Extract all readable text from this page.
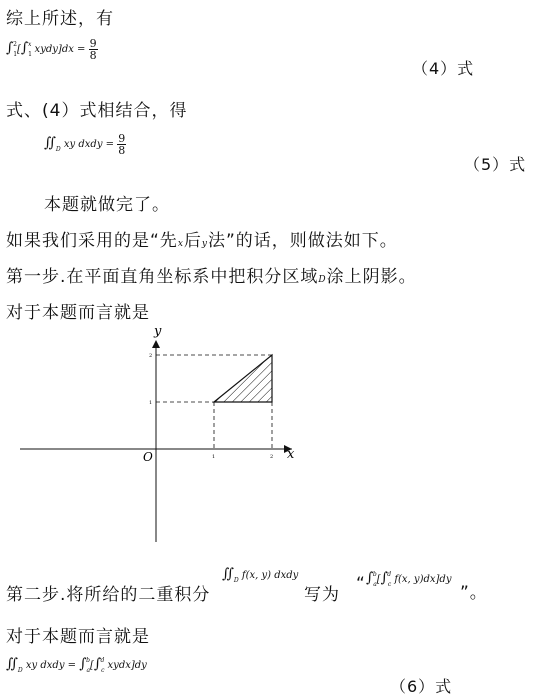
综上所述，有
$\int_1^2[\int_1^x$ xydy]dx = $\frac{9}{8}$
（4）式
式、(4）式相结合，得
$∬_D$ xy dxdy = $\frac{9}{8}$
（5）式
本题就做完了。
如果我们采用的是“先x后y法”的话，则做法如下。
第一步.在平面直角坐标系中把积分区域D涂上阴影。
对于本题而言就是
y
x
O	1	2
1
2
第二步.将所给的二重积分
$∬_D$ f(x, y) dxdy
写为
“ $\int_a^b[\int_c^d$ f(x, y)dx]dy
”。
对于本题而言就是
$∬_D$ xy dxdy = $\int_a^b[\int_c^d$ xydx]dy
（6）式
